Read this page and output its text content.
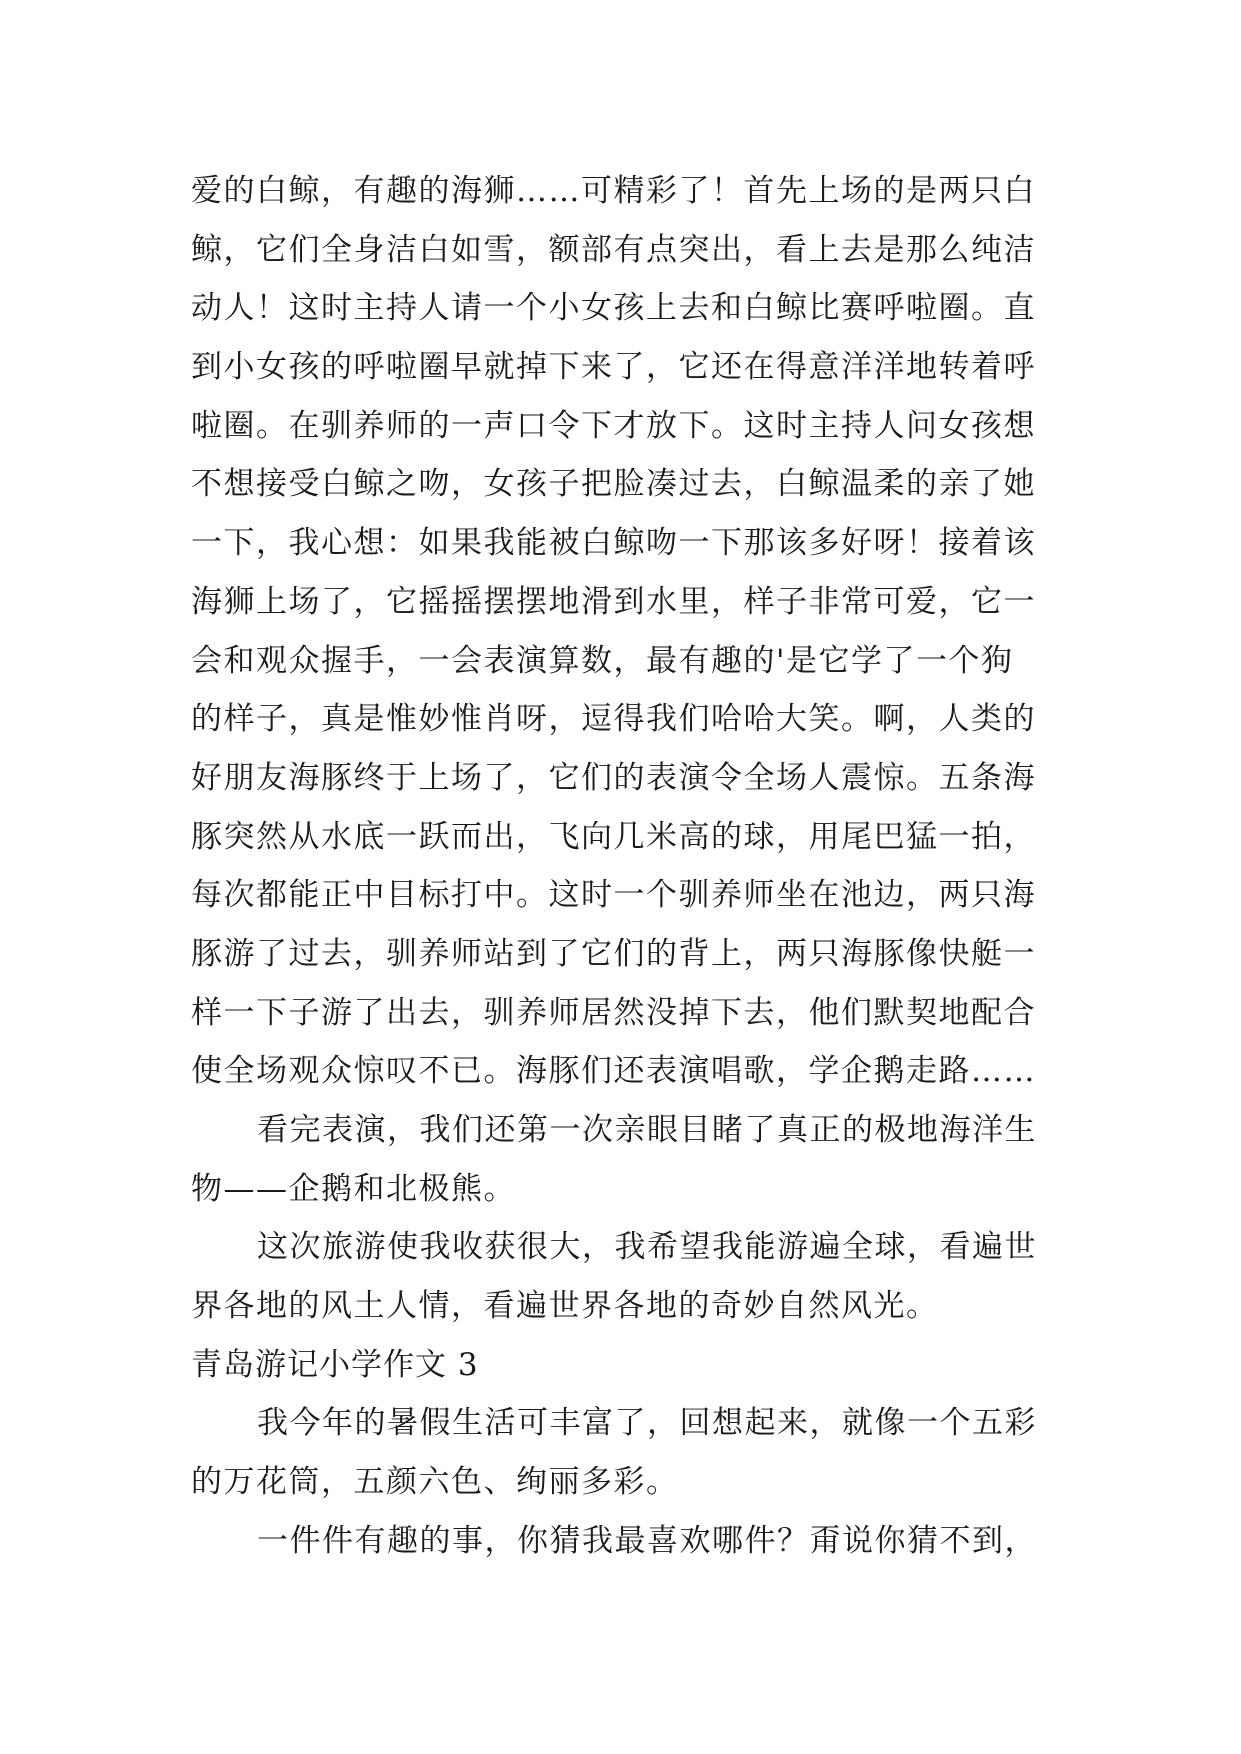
爱的白鲸，有趣的海狮……可精彩了！首先上场的是两只白
鲸，它们全身洁白如雪，额部有点突出，看上去是那么纯洁
动人！这时主持人请一个小女孩上去和白鲸比赛呼啦圈。直
到小女孩的呼啦圈早就掉下来了，它还在得意洋洋地转着呼
啦圈。在驯养师的一声口令下才放下。这时主持人问女孩想
不想接受白鲸之吻，女孩子把脸凑过去，白鲸温柔的亲了她
一下，我心想：如果我能被白鲸吻一下那该多好呀！接着该
海狮上场了，它摇摇摆摆地滑到水里，样子非常可爱，它一
会和观众握手，一会表演算数，最有趣的'是它学了一个狗
的样子，真是惟妙惟肖呀，逗得我们哈哈大笑。啊，人类的
好朋友海豚终于上场了，它们的表演令全场人震惊。五条海
豚突然从水底一跃而出，飞向几米高的球，用尾巴猛一拍，
每次都能正中目标打中。这时一个驯养师坐在池边，两只海
豚游了过去，驯养师站到了它们的背上，两只海豚像快艇一
样一下子游了出去，驯养师居然没掉下去，他们默契地配合
使全场观众惊叹不已。海豚们还表演唱歌，学企鹅走路……
看完表演，我们还第一次亲眼目睹了真正的极地海洋生
物——企鹅和北极熊。
这次旅游使我收获很大，我希望我能游遍全球，看遍世
界各地的风土人情，看遍世界各地的奇妙自然风光。
青岛游记小学作文 3
我今年的暑假生活可丰富了，回想起来，就像一个五彩
的万花筒，五颜六色、绚丽多彩。
一件件有趣的事，你猜我最喜欢哪件？甭说你猜不到，
